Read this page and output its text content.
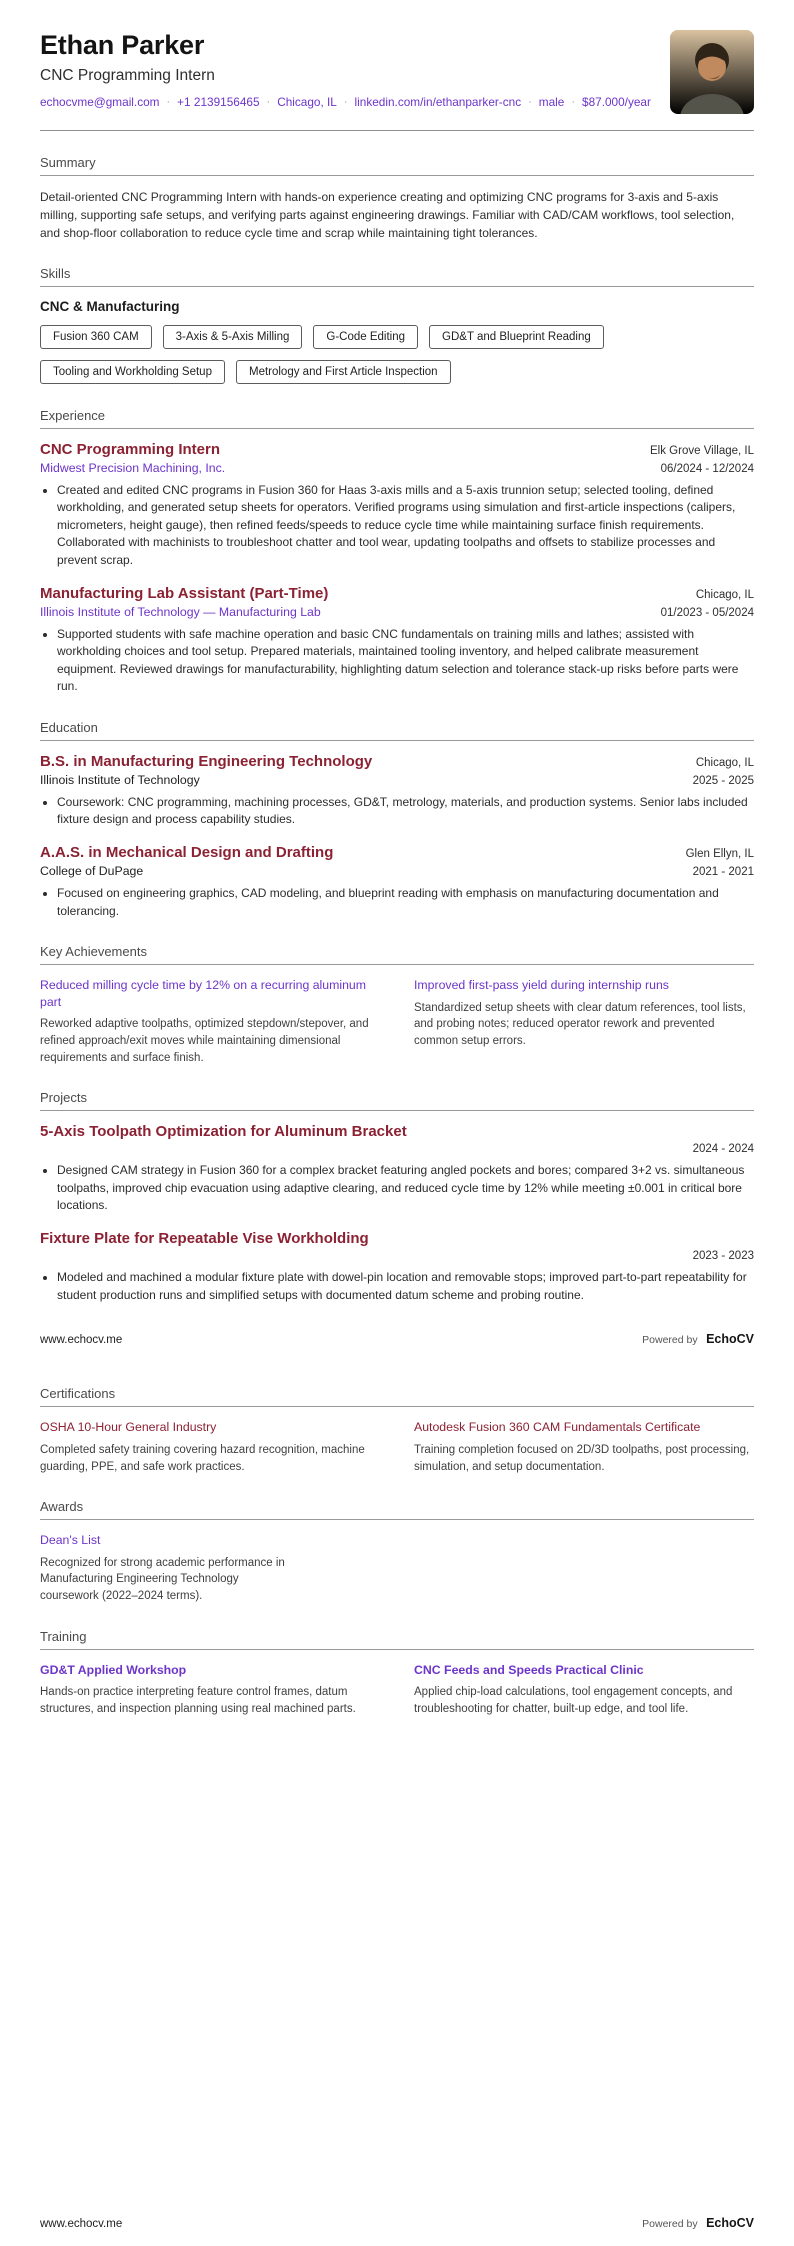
Ethan Parker
CNC Programming Intern
echocvme@gmail.com · +1 2139156465 · Chicago, IL · linkedin.com/in/ethanparker-cnc · male · $87.000/year
Summary

Detail-oriented CNC Programming Intern with hands-on experience creating and optimizing CNC programs for 3-axis and 5-axis milling, supporting safe setups, and verifying parts against engineering drawings. Familiar with CAD/CAM workflows, tool selection, and shop-floor collaboration to reduce cycle time and scrap while maintaining tight tolerances.

Skills
CNC & Manufacturing
Fusion 360 CAM	3-Axis & 5-Axis Milling	G-Code Editing	GD&T and Blueprint Reading
Tooling and Workholding Setup	Metrology and First Article Inspection
Experience
CNC Programming Intern	Elk Grove Village, IL
Midwest Precision Machining, Inc.	06/2024 - 12/2024
• Created and edited CNC programs in Fusion 360 for Haas 3-axis mills and a 5-axis trunnion setup; selected tooling, defined workholding, and generated setup sheets for operators. Verified programs using simulation and first-article inspections (calipers, micrometers, height gauge), then refined feeds/speeds to reduce cycle time while maintaining surface finish requirements. Collaborated with machinists to troubleshoot chatter and tool wear, updating toolpaths and offsets to stabilize processes and prevent scrap.
Manufacturing Lab Assistant (Part-Time)	Chicago, IL
Illinois Institute of Technology — Manufacturing Lab	01/2023 - 05/2024
• Supported students with safe machine operation and basic CNC fundamentals on training mills and lathes; assisted with workholding choices and tool setup. Prepared materials, maintained tooling inventory, and helped calibrate measurement equipment. Reviewed drawings for manufacturability, highlighting datum selection and tolerance stack-up risks before parts were run.
Education
B.S. in Manufacturing Engineering Technology	Chicago, IL
Illinois Institute of Technology	2025 - 2025
• Coursework: CNC programming, machining processes, GD&T, metrology, materials, and production systems. Senior labs included fixture design and process capability studies.
A.A.S. in Mechanical Design and Drafting	Glen Ellyn, IL
College of DuPage	2021 - 2021
• Focused on engineering graphics, CAD modeling, and blueprint reading with emphasis on manufacturing documentation and tolerancing.
Key Achievements
Reduced milling cycle time by 12% on a recurring aluminum part
Reworked adaptive toolpaths, optimized stepdown/stepover, and refined approach/exit moves while maintaining dimensional requirements and surface finish.
Improved first-pass yield during internship runs
Standardized setup sheets with clear datum references, tool lists, and probing notes; reduced operator rework and prevented common setup errors.
Projects
5-Axis Toolpath Optimization for Aluminum Bracket
2024 - 2024
• Designed CAM strategy in Fusion 360 for a complex bracket featuring angled pockets and bores; compared 3+2 vs. simultaneous toolpaths, improved chip evacuation using adaptive clearing, and reduced cycle time by 12% while meeting ±0.001 in critical bore locations.
Fixture Plate for Repeatable Vise Workholding
2023 - 2023
• Modeled and machined a modular fixture plate with dowel-pin location and removable stops; improved part-to-part repeatability for student production runs and simplified setups with documented datum scheme and probing routine.
www.echocv.me	Powered by EchoCV
Certifications
OSHA 10-Hour General Industry
Completed safety training covering hazard recognition, machine guarding, PPE, and safe work practices.
Autodesk Fusion 360 CAM Fundamentals Certificate
Training completion focused on 2D/3D toolpaths, post processing, simulation, and setup documentation.
Awards
Dean's List
Recognized for strong academic performance in Manufacturing Engineering Technology coursework (2022–2024 terms).
Training
GD&T Applied Workshop
Hands-on practice interpreting feature control frames, datum structures, and inspection planning using real machined parts.
CNC Feeds and Speeds Practical Clinic
Applied chip-load calculations, tool engagement concepts, and troubleshooting for chatter, built-up edge, and tool life.
www.echocv.me	Powered by EchoCV
